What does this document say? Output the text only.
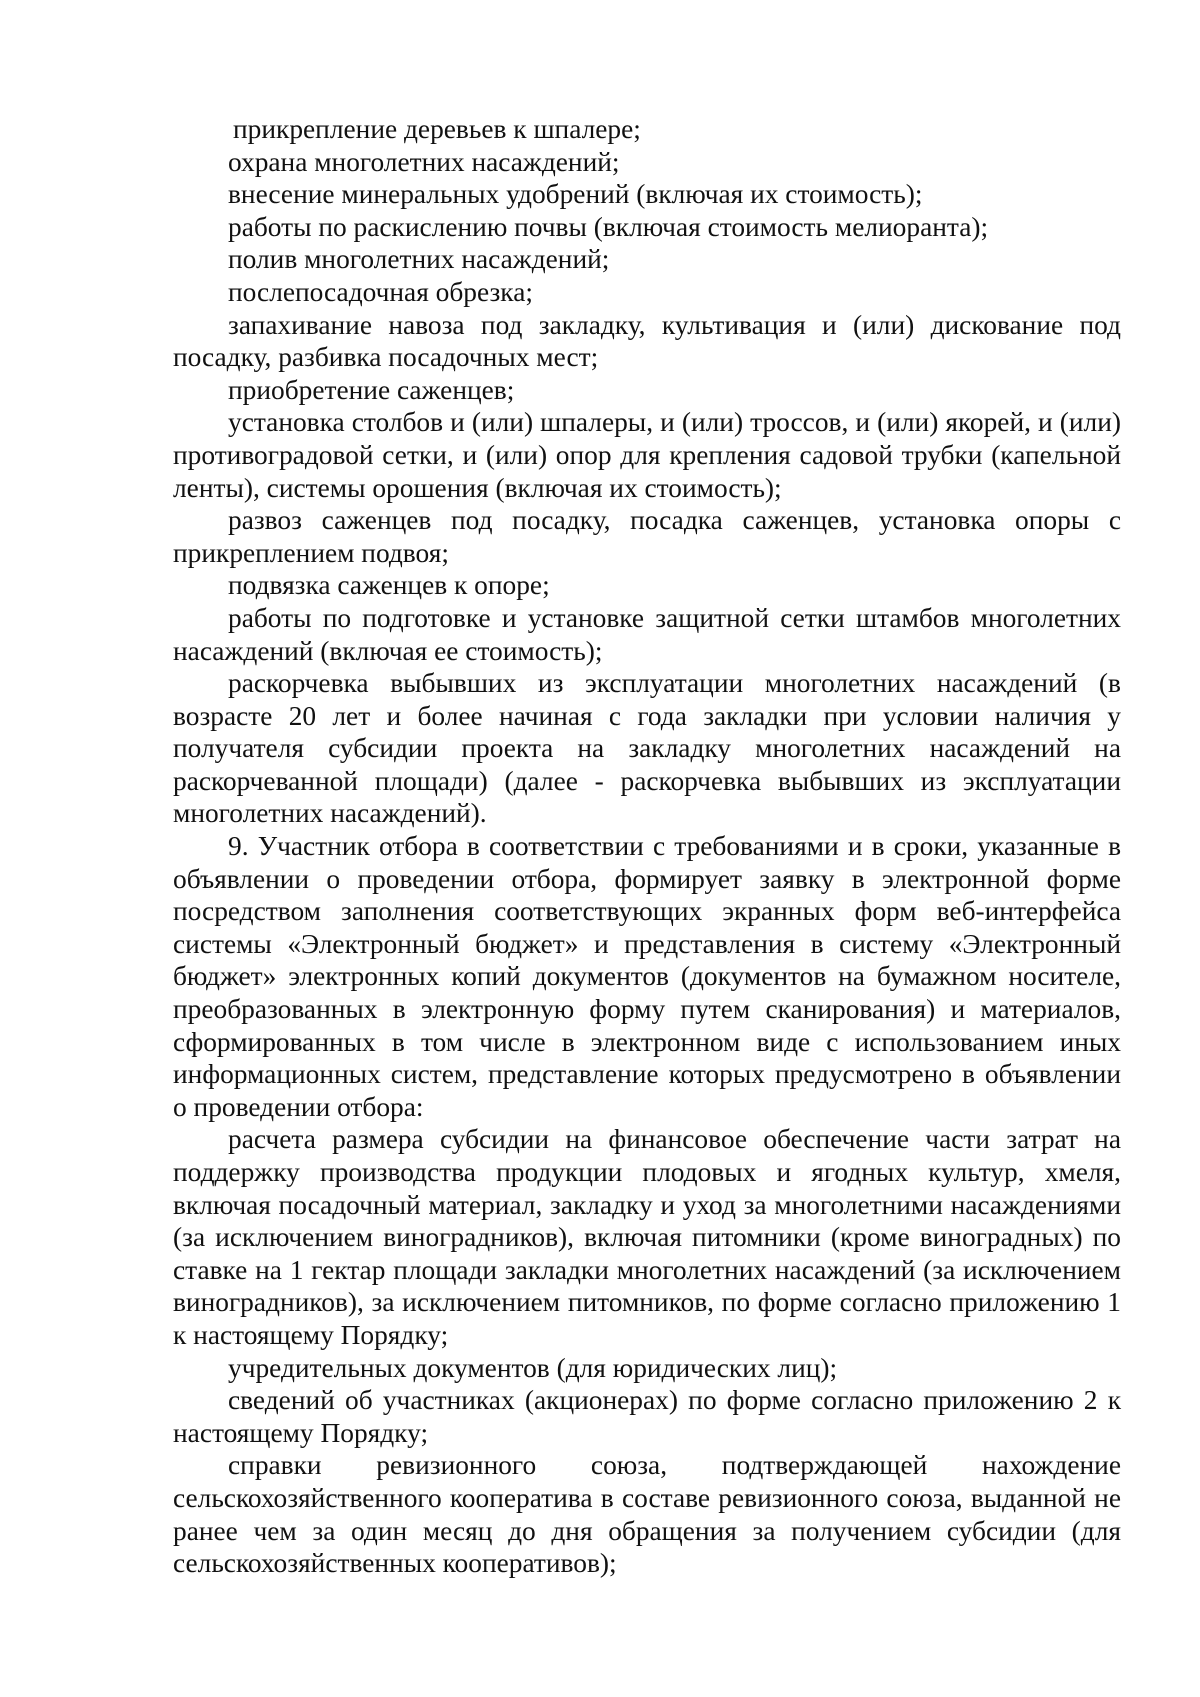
прикрепление деревьев к шпалере;

охрана многолетних насаждений;

внесение минеральных удобрений (включая их стоимость);

работы по раскислению почвы (включая стоимость мелиоранта);

полив многолетних насаждений;

послепосадочная обрезка;

запахивание навоза под закладку, культивация и (или) дискование под посадку, разбивка посадочных мест;

приобретение саженцев;

установка столбов и (или) шпалеры, и (или) троссов, и (или) якорей, и (или) противоградовой сетки, и (или) опор для крепления садовой трубки (капельной ленты), системы орошения (включая их стоимость);

развоз саженцев под посадку, посадка саженцев, установка опоры с прикреплением подвоя;

подвязка саженцев к опоре;

работы по подготовке и установке защитной сетки штамбов многолетних насаждений (включая ее стоимость);

раскорчевка выбывших из эксплуатации многолетних насаждений (в возрасте 20 лет и более начиная с года закладки при условии наличия у получателя субсидии проекта на закладку многолетних насаждений на раскорчеванной площади) (далее - раскорчевка выбывших из эксплуатации многолетних насаждений).

9. Участник отбора в соответствии с требованиями и в сроки, указанные в объявлении о проведении отбора, формирует заявку в электронной форме посредством заполнения соответствующих экранных форм веб-интерфейса системы «Электронный бюджет» и представления в систему «Электронный бюджет» электронных копий документов (документов на бумажном носителе, преобразованных в электронную форму путем сканирования) и материалов, сформированных в том числе в электронном виде с использованием иных информационных систем, представление которых предусмотрено в объявлении о проведении отбора:

расчета размера субсидии на финансовое обеспечение части затрат на поддержку производства продукции плодовых и ягодных культур, хмеля, включая посадочный материал, закладку и уход за многолетними насаждениями (за исключением виноградников), включая питомники (кроме виноградных) по ставке на 1 гектар площади закладки многолетних насаждений (за исключением виноградников), за исключением питомников, по форме согласно приложению 1 к настоящему Порядку;

учредительных документов (для юридических лиц);

сведений об участниках (акционерах) по форме согласно приложению 2 к настоящему Порядку;

справки ревизионного союза, подтверждающей нахождение сельскохозяйственного кооператива в составе ревизионного союза, выданной не ранее чем за один месяц до дня обращения за получением субсидии (для сельскохозяйственных кооперативов);
